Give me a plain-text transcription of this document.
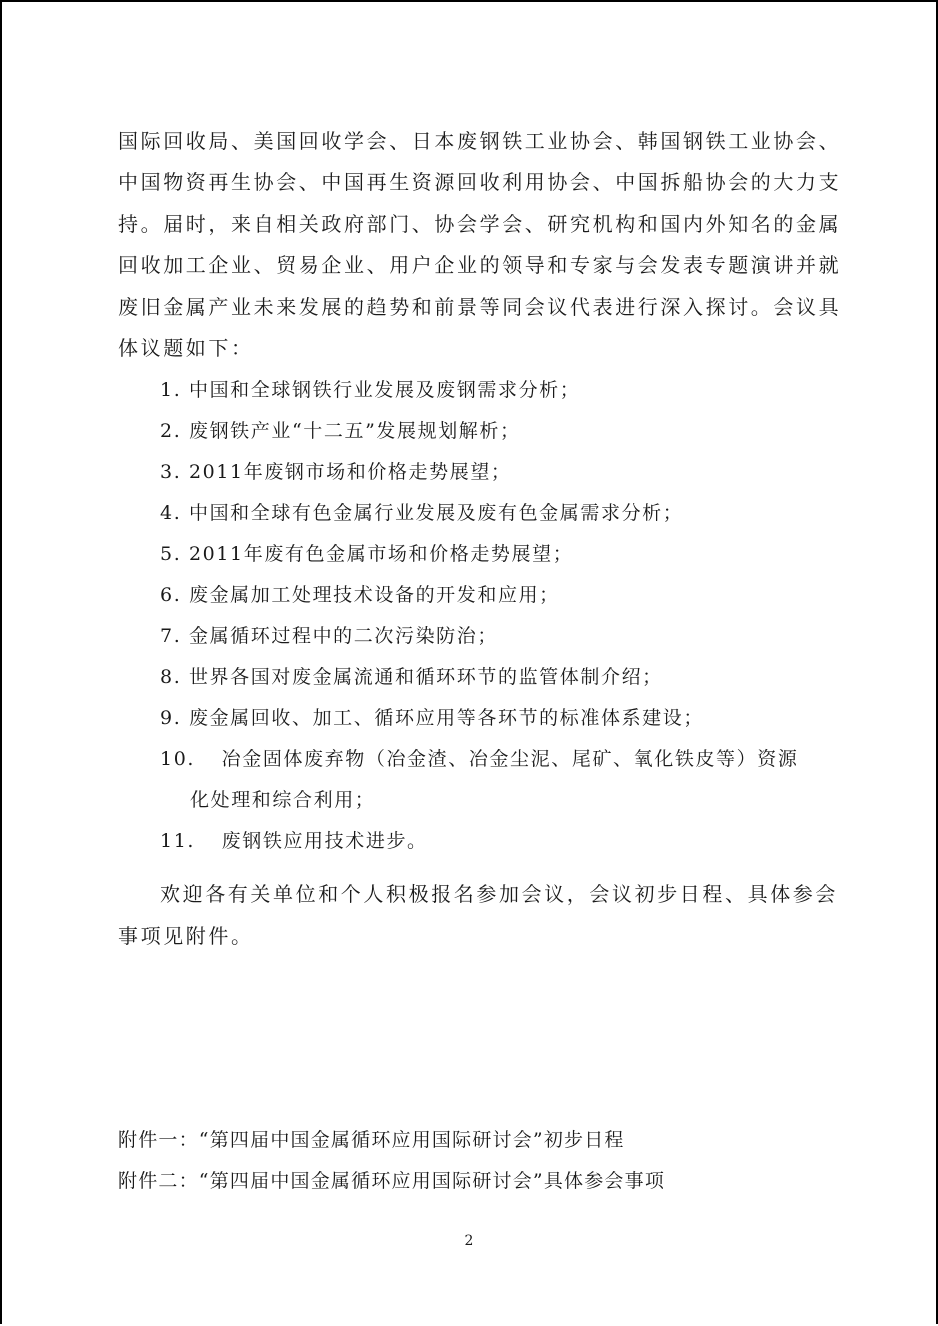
国际回收局、美国回收学会、日本废钢铁工业协会、韩国钢铁工业协会、
中国物资再生协会、中国再生资源回收利用协会、中国拆船协会的大力支
持。届时，来自相关政府部门、协会学会、研究机构和国内外知名的金属
回收加工企业、贸易企业、用户企业的领导和专家与会发表专题演讲并就
废旧金属产业未来发展的趋势和前景等同会议代表进行深入探讨。会议具
体议题如下：
1. 中国和全球钢铁行业发展及废钢需求分析；
2. 废钢铁产业“十二五”发展规划解析；
3. 2011年废钢市场和价格走势展望；
4. 中国和全球有色金属行业发展及废有色金属需求分析；
5. 2011年废有色金属市场和价格走势展望；
6. 废金属加工处理技术设备的开发和应用；
7. 金属循环过程中的二次污染防治；
8. 世界各国对废金属流通和循环环节的监管体制介绍；
9. 废金属回收、加工、循环应用等各环节的标准体系建设；
10. 冶金固体废弃物（冶金渣、冶金尘泥、尾矿、氧化铁皮等）资源
化处理和综合利用；
11. 废钢铁应用技术进步。
欢迎各有关单位和个人积极报名参加会议，会议初步日程、具体参会
事项见附件。
附件一：“第四届中国金属循环应用国际研讨会”初步日程
附件二：“第四届中国金属循环应用国际研讨会”具体参会事项
2
